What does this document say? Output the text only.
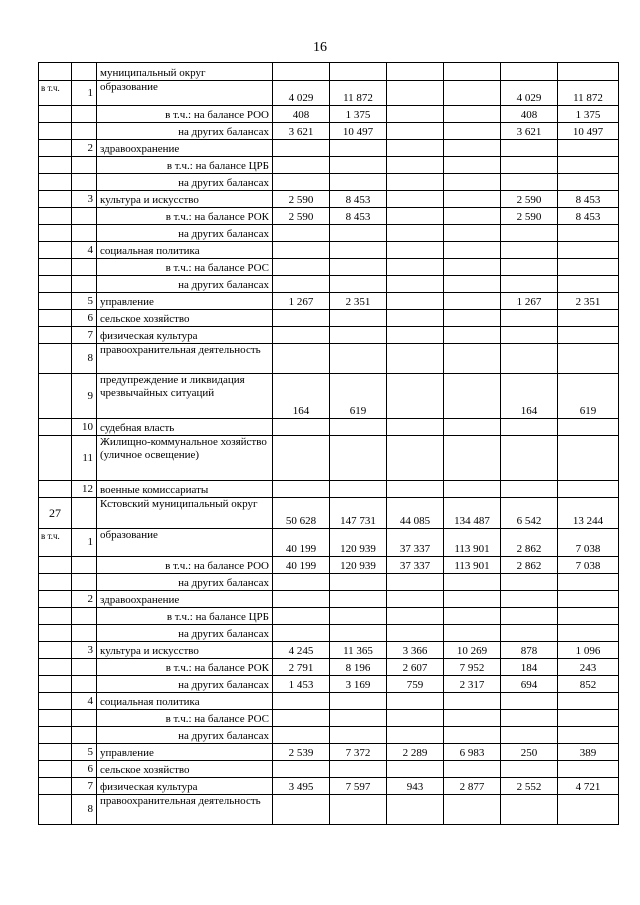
16
		муниципальный округ						
в т.ч.	1	образование	4 029	11 872			4 029	11 872
		в т.ч.: на балансе РОО	408	1 375			408	1 375
		на других балансах	3 621	10 497			3 621	10 497
	2	здравоохранение						
		в т.ч.: на балансе ЦРБ						
		на других балансах						
	3	культура и искусство	2 590	8 453			2 590	8 453
		в т.ч.: на балансе РОК	2 590	8 453			2 590	8 453
		на других балансах						
	4	социальная политика						
		в т.ч.: на балансе РОС						
		на других балансах						
	5	управление	1 267	2 351			1 267	2 351
	6	сельское хозяйство						
	7	физическая культура						
	8	правоохранительная деятельность						
	9	предупреждение и ликвидация чрезвычайных ситуаций	164	619			164	619
	10	судебная власть						
	11	Жилищно-коммунальное хозяйство (уличное освещение)						
	12	военные комиссариаты						
27		Кстовский муниципальный округ	50 628	147 731	44 085	134 487	6 542	13 244
в т.ч.	1	образование	40 199	120 939	37 337	113 901	2 862	7 038
		в т.ч.: на балансе РОО	40 199	120 939	37 337	113 901	2 862	7 038
		на других балансах						
	2	здравоохранение						
		в т.ч.: на балансе ЦРБ						
		на других балансах						
	3	культура и искусство	4 245	11 365	3 366	10 269	878	1 096
		в т.ч.: на балансе РОК	2 791	8 196	2 607	7 952	184	243
		на других балансах	1 453	3 169	759	2 317	694	852
	4	социальная политика						
		в т.ч.: на балансе РОС						
		на других балансах						
	5	управление	2 539	7 372	2 289	6 983	250	389
	6	сельское хозяйство						
	7	физическая культура	3 495	7 597	943	2 877	2 552	4 721
	8	правоохранительная деятельность						
